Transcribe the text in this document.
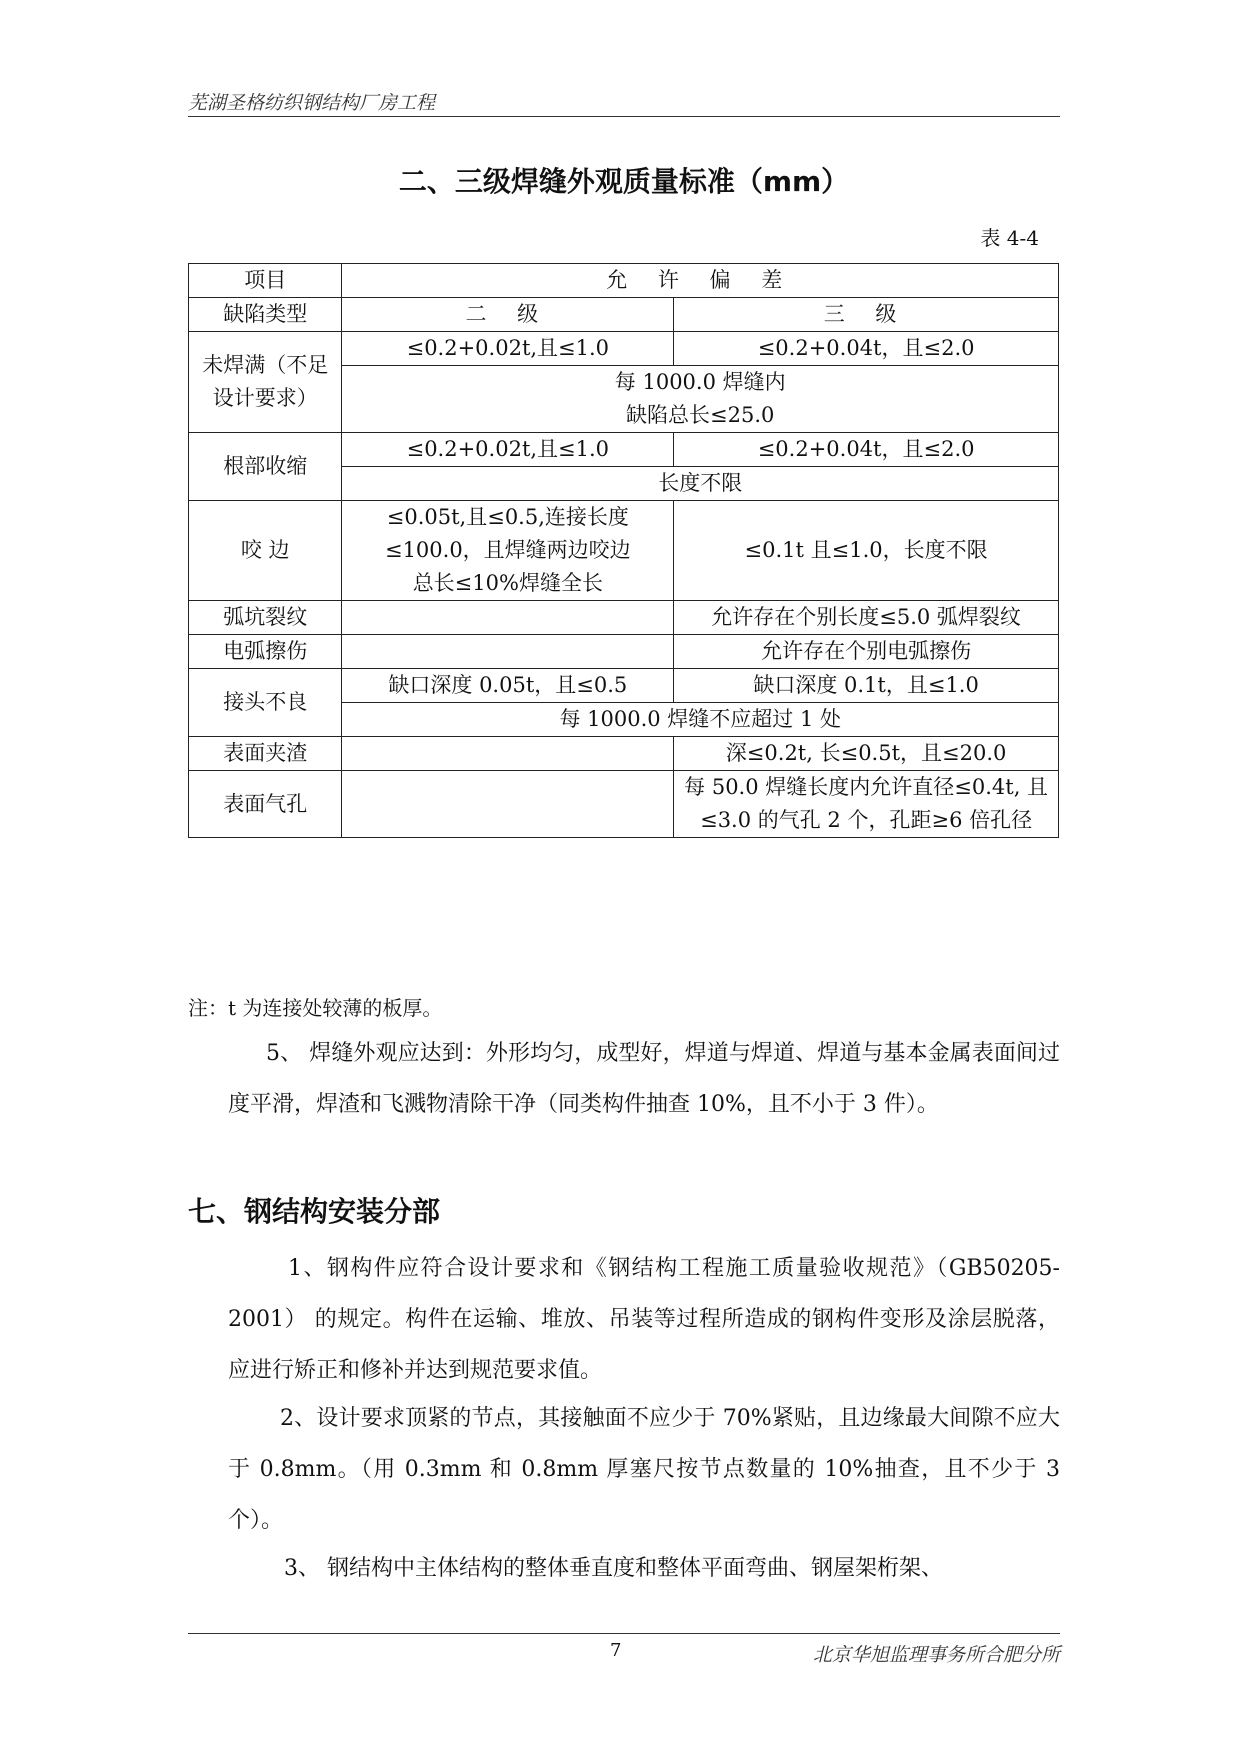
芜湖圣格纺织钢结构厂房工程
二、三级焊缝外观质量标准（mm）
表 4-4
项目	允 许 偏 差	
缺陷类型	二 级	三 级
未焊满（不足设计要求）	≤0.2+0.02t,且≤1.0	≤0.2+0.04t，且≤2.0

	每 1000.0 焊缝内缺陷总长≤25.0	

根部收缩	≤0.2+0.02t,且≤1.0	≤0.2+0.04t，且≤2.0
	长度不限	
咬 边	≤0.05t,且≤0.5,连接长度≤100.0，且焊缝两边咬边总长≤10%焊缝全长	≤0.1t 且≤1.0，长度不限
弧坑裂纹		允许存在个别长度≤5.0 弧焊裂纹
电弧擦伤		允许存在个别电弧擦伤
接头不良	缺口深度 0.05t，且≤0.5	缺口深度 0.1t，且≤1.0
	每 1000.0 焊缝不应超过 1 处	
表面夹渣		深≤0.2t, 长≤0.5t，且≤20.0
表面气孔		每 50.0 焊缝长度内允许直径≤0.4t, 且≤3.0 的气孔 2 个，孔距≥6 倍孔径
注：t 为连接处较薄的板厚。
5、 焊缝外观应达到：外形均匀，成型好，焊道与焊道、焊道与基本金属表面间过度平滑，焊渣和飞溅物清除干净（同类构件抽查 10%，且不小于 3 件）。
七、钢结构安装分部
1、钢构件应符合设计要求和《钢结构工程施工质量验收规范》（GB50205-2001） 的规定。构件在运输、堆放、吊装等过程所造成的钢构件变形及涂层脱落，应进行矫正和修补并达到规范要求值。
2、设计要求顶紧的节点，其接触面不应少于 70%紧贴，且边缘最大间隙不应大于 0.8mm。（用 0.3mm 和 0.8mm 厚塞尺按节点数量的 10%抽查，且不少于 3 个）。
3、 钢结构中主体结构的整体垂直度和整体平面弯曲、钢屋架桁架、
7	北京华旭监理事务所合肥分所
